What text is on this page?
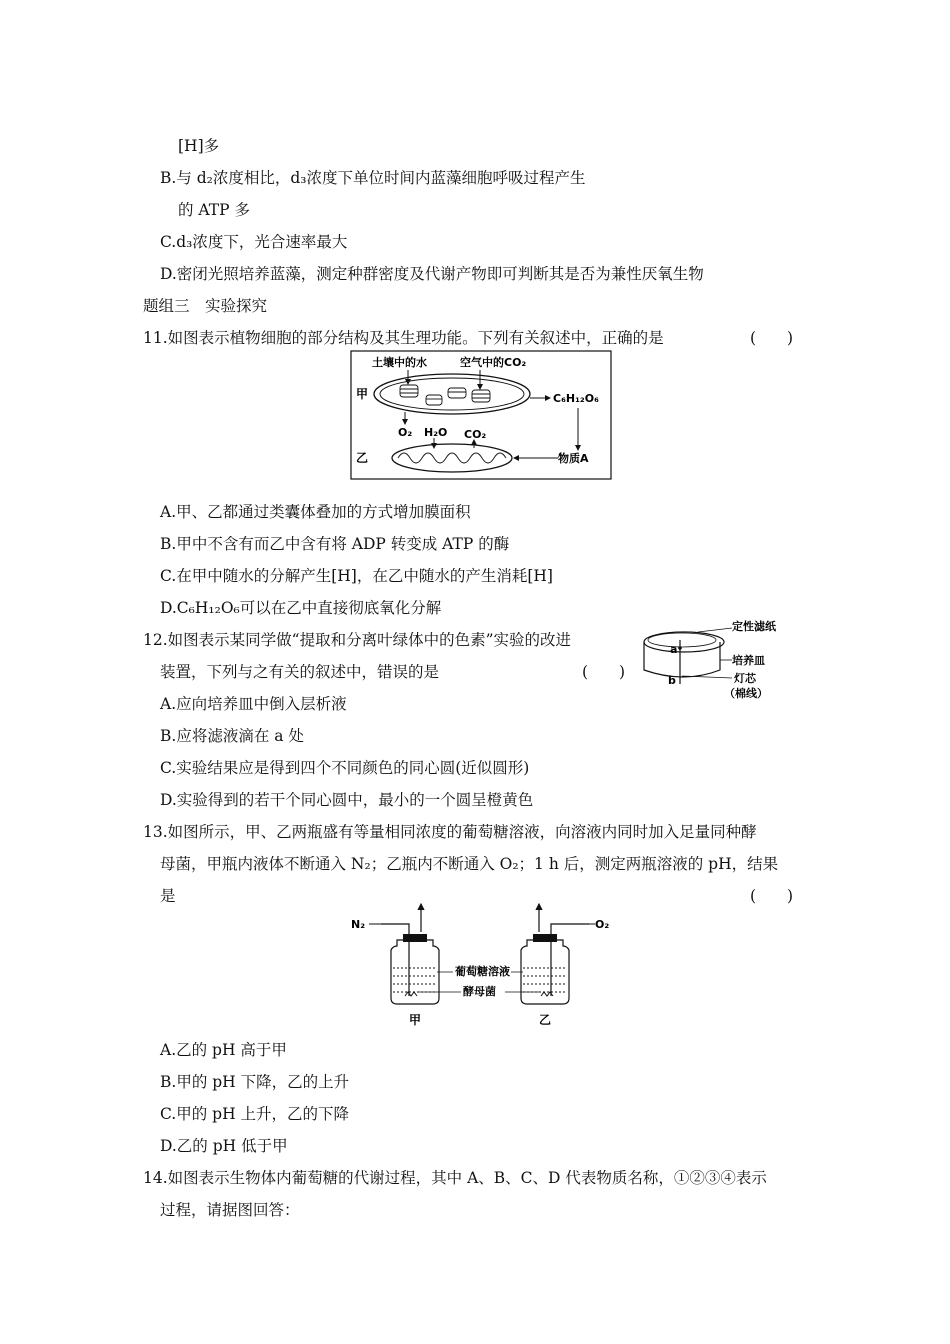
[H]多
B.与 d₂浓度相比，d₃浓度下单位时间内蓝藻细胞呼吸过程产生
的 ATP 多
C.d₃浓度下，光合速率最大
D.密闭光照培养蓝藻，测定种群密度及代谢产物即可判断其是否为兼性厌氧生物
题组三　实验探究
11.如图表示植物细胞的部分结构及其生理功能。下列有关叙述中，正确的是	(　　)
甲
乙
土壤中的水	空气中的CO₂
C₆H₁₂O₆
O₂ H₂O CO₂
物质A
A.甲、乙都通过类囊体叠加的方式增加膜面积
B.甲中不含有而乙中含有将 ADP 转变成 ATP 的酶
C.在甲中随水的分解产生[H]，在乙中随水的产生消耗[H]
D.C₆H₁₂O₆可以在乙中直接彻底氧化分解
12.如图表示某同学做“提取和分离叶绿体中的色素”实验的改进
装置，下列与之有关的叙述中，错误的是	(　　)
a
b
定性滤纸
培养皿
灯芯
（棉线）
A.应向培养皿中倒入层析液
B.应将滤液滴在 a 处
C.实验结果应是得到四个不同颜色的同心圆(近似圆形)
D.实验得到的若干个同心圆中，最小的一个圆呈橙黄色
13.如图所示，甲、乙两瓶盛有等量相同浓度的葡萄糖溶液，向溶液内同时加入足量同种酵
母菌，甲瓶内液体不断通入 N₂；乙瓶内不断通入 O₂；1 h 后，测定两瓶溶液的 pH，结果
是	(　　)
N₂	O₂
葡萄糖溶液
酵母菌
甲	乙
A.乙的 pH 高于甲
B.甲的 pH 下降，乙的上升
C.甲的 pH 上升，乙的下降
D.乙的 pH 低于甲
14.如图表示生物体内葡萄糖的代谢过程，其中 A、B、C、D 代表物质名称，①②③④表示
过程，请据图回答：
